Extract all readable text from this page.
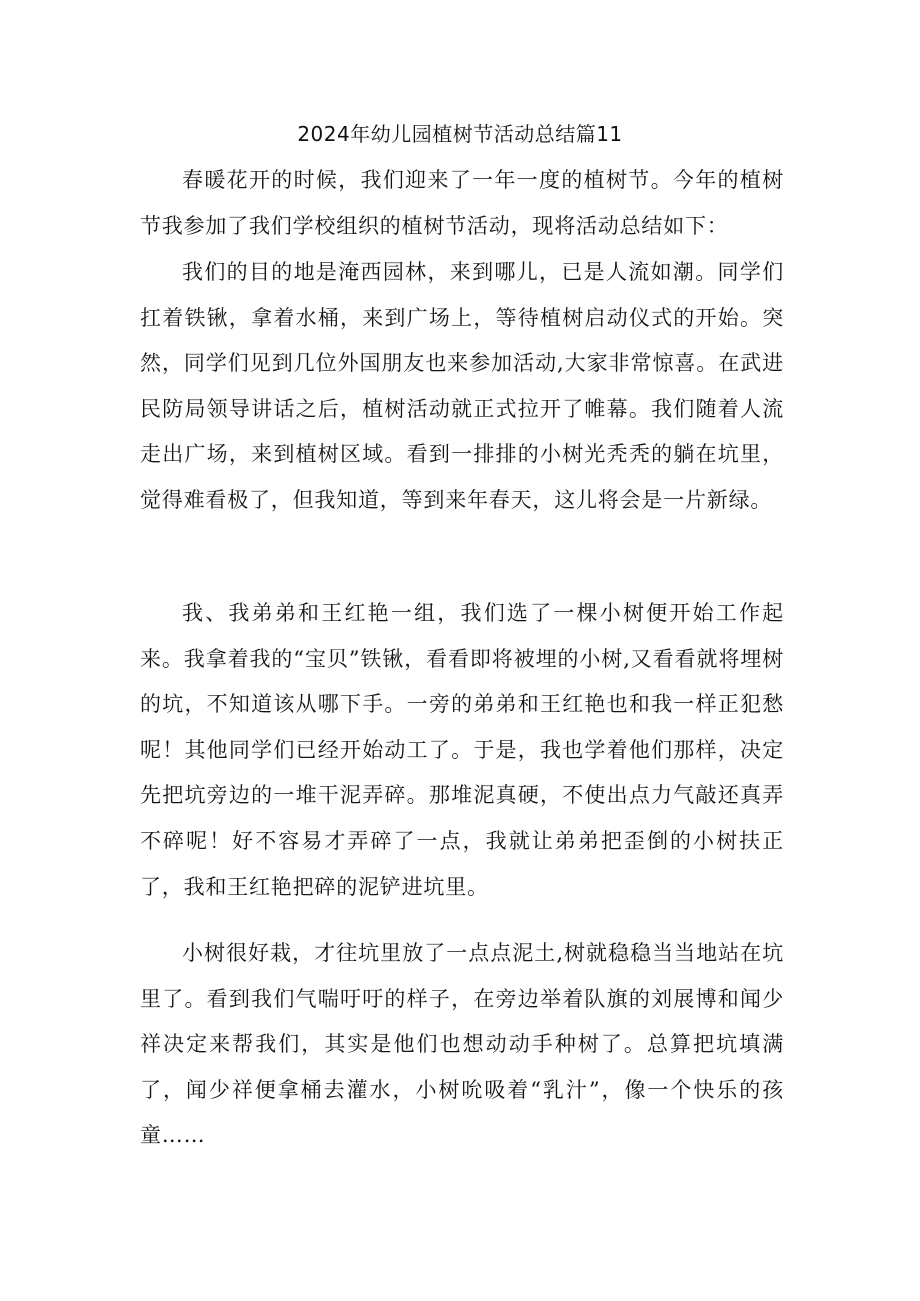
2024年幼儿园植树节活动总结篇11

春暖花开的时候，我们迎来了一年一度的植树节。今年的植树节我参加了我们学校组织的植树节活动，现将活动总结如下：

我们的目的地是淹西园林，来到哪儿，已是人流如潮。同学们扛着铁锹，拿着水桶，来到广场上，等待植树启动仪式的开始。突然，同学们见到几位外国朋友也来参加活动,大家非常惊喜。在武进民防局领导讲话之后，植树活动就正式拉开了帷幕。我们随着人流走出广场，来到植树区域。看到一排排的小树光秃秃的躺在坑里，觉得难看极了，但我知道，等到来年春天，这儿将会是一片新绿。

我、我弟弟和王红艳一组，我们选了一棵小树便开始工作起来。我拿着我的“宝贝”铁锹，看看即将被埋的小树,又看看就将埋树的坑，不知道该从哪下手。一旁的弟弟和王红艳也和我一样正犯愁呢！其他同学们已经开始动工了。于是，我也学着他们那样，决定先把坑旁边的一堆干泥弄碎。那堆泥真硬，不使出点力气敲还真弄不碎呢！好不容易才弄碎了一点，我就让弟弟把歪倒的小树扶正了，我和王红艳把碎的泥铲进坑里。

小树很好栽，才往坑里放了一点点泥土,树就稳稳当当地站在坑里了。看到我们气喘吁吁的样子，在旁边举着队旗的刘展博和闻少祥决定来帮我们，其实是他们也想动动手种树了。总算把坑填满了，闻少祥便拿桶去灌水，小树吮吸着“乳汁”，像一个快乐的孩童……
